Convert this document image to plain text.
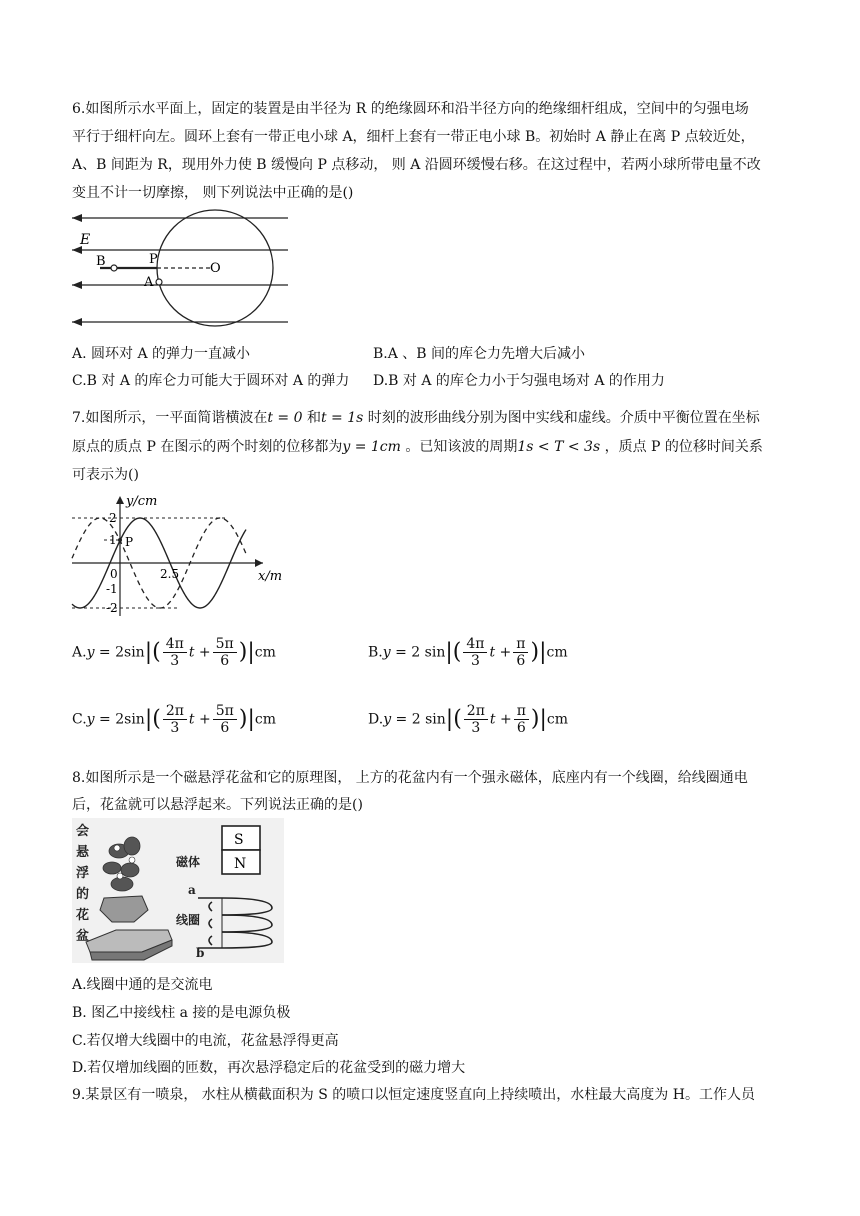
6.如图所示水平面上，固定的装置是由半径为 R 的绝缘圆环和沿半径方向的绝缘细杆组成，空间中的匀强电场
平行于细杆向左。圆环上套有一带正电小球 A，细杆上套有一带正电小球 B。初始时 A 静止在离 P 点较近处，
A、B 间距为 R，现用外力使 B 缓慢向 P 点移动， 则 A 沿圆环缓慢右移。在这过程中，若两小球所带电量不改
变且不计一切摩擦， 则下列说法中正确的是()
E
B	P
A
O
A. 圆环对 A 的弹力一直减小	B.A 、B 间的库仑力先增大后减小
C.B 对 A 的库仑力可能大于圆环对 A 的弹力 D.B 对 A 的库仑力小于匀强电场对 A 的作用力
7.如图所示，一平面简谐横波在t = 0 和t = 1s 时刻的波形曲线分别为图中实线和虚线。介质中平衡位置在坐标
原点的质点 P 在图示的两个时刻的位移都为y = 1cm 。已知该波的周期1s < T < 3s ，质点 P 的位移时间关系
可表示为()
y/cm
x/m
2
1 P
0
-1
-2
2.5
$A.y = 2\sin|( \frac{4\pi}{3}$ $t + \frac{5\pi}{6} )|cm$	B.y = 2 $\sin|( \frac{4\pi}{3}$ $t + \frac{\pi}{6} )|cm$
$C.y = 2\sin|( \frac{2\pi}{3}$ $t + \frac{5\pi}{6} )|cm$	D.y = 2 $\sin|( \frac{2\pi}{3}$ $t + \frac{\pi}{6} )|cm$
8.如图所示是一个磁悬浮花盆和它的原理图， 上方的花盆内有一个强永磁体，底座内有一个线圈，给线圈通电
后，花盆就可以悬浮起来。下列说法正确的是()
会
悬
浮
的
花
盆
磁体
a
线圈
b
S
N
A.线圈中通的是交流电
B. 图乙中接线柱 a 接的是电源负极
C.若仅增大线圈中的电流，花盆悬浮得更高
D.若仅增加线圈的匝数，再次悬浮稳定后的花盆受到的磁力增大
9.某景区有一喷泉， 水柱从横截面积为 S 的喷口以恒定速度竖直向上持续喷出，水柱最大高度为 H。工作人员
